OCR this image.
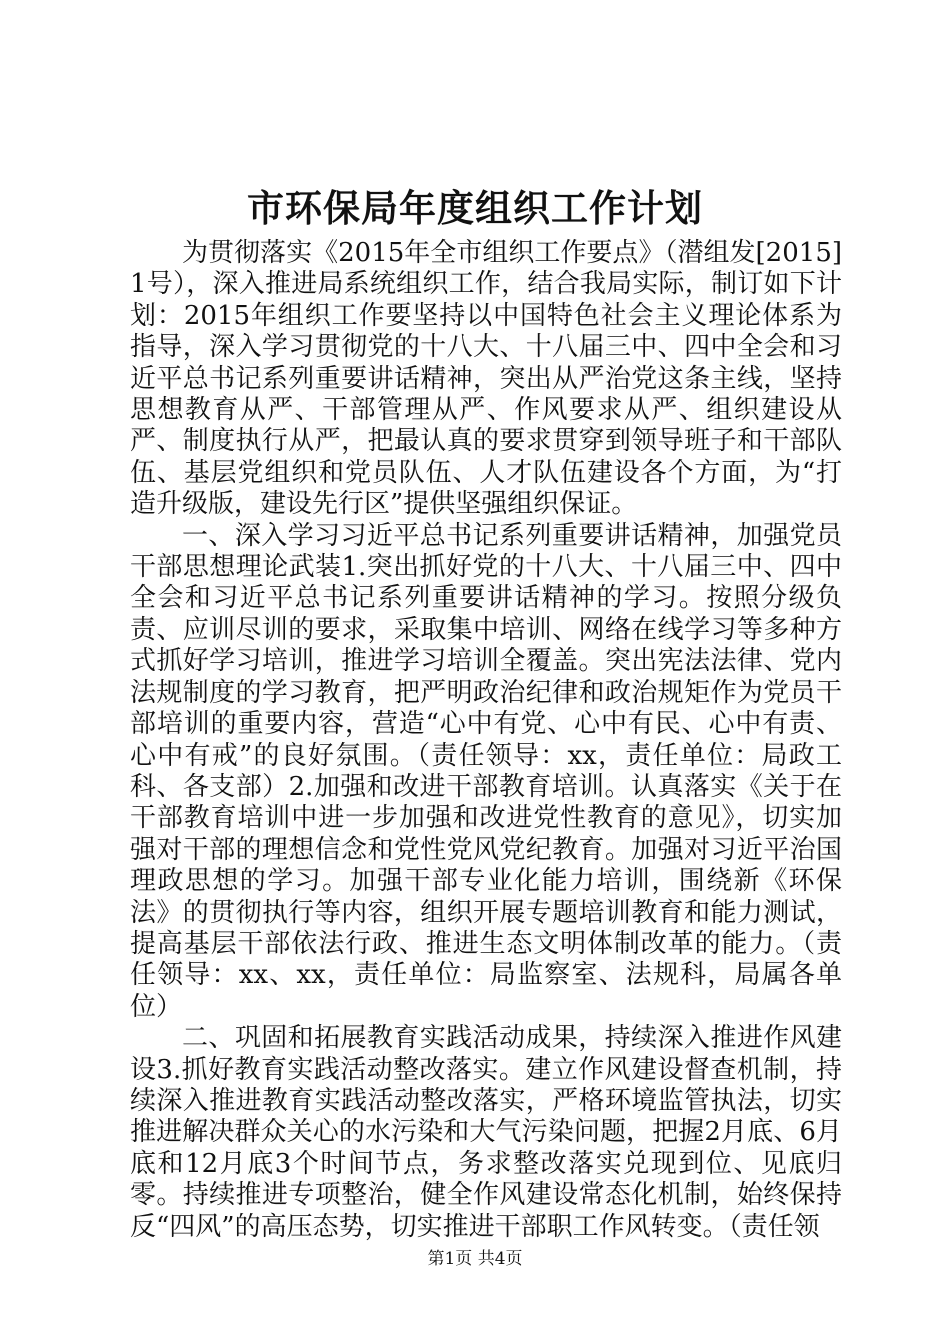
市环保局年度组织工作计划

为贯彻落实《2015年全市组织工作要点》（潜组发[2015]1号），深入推进局系统组织工作，结合我局实际，制订如下计划：2015年组织工作要坚持以中国特色社会主义理论体系为指导，深入学习贯彻党的十八大、十八届三中、四中全会和习近平总书记系列重要讲话精神，突出从严治党这条主线，坚持思想教育从严、干部管理从严、作风要求从严、组织建设从严、制度执行从严，把最认真的要求贯穿到领导班子和干部队伍、基层党组织和党员队伍、人才队伍建设各个方面，为“打造升级版，建设先行区”提供坚强组织保证。

一、深入学习习近平总书记系列重要讲话精神，加强党员干部思想理论武装1.突出抓好党的十八大、十八届三中、四中全会和习近平总书记系列重要讲话精神的学习。按照分级负责、应训尽训的要求，采取集中培训、网络在线学习等多种方式抓好学习培训，推进学习培训全覆盖。突出宪法法律、党内法规制度的学习教育，把严明政治纪律和政治规矩作为党员干部培训的重要内容，营造“心中有党、心中有民、心中有责、心中有戒”的良好氛围。（责任领导：xx，责任单位：局政工科、各支部）2.加强和改进干部教育培训。认真落实《关于在干部教育培训中进一步加强和改进党性教育的意见》，切实加强对干部的理想信念和党性党风党纪教育。加强对习近平治国理政思想的学习。加强干部专业化能力培训，围绕新《环保法》的贯彻执行等内容，组织开展专题培训教育和能力测试，提高基层干部依法行政、推进生态文明体制改革的能力。（责任领导：xx、xx，责任单位：局监察室、法规科，局属各单位）

二、巩固和拓展教育实践活动成果，持续深入推进作风建设3.抓好教育实践活动整改落实。建立作风建设督查机制，持续深入推进教育实践活动整改落实，严格环境监管执法，切实推进解决群众关心的水污染和大气污染问题，把握2月底、6月底和12月底3个时间节点，务求整改落实兑现到位、见底归零。持续推进专项整治，健全作风建设常态化机制，始终保持反“四风”的高压态势，切实推进干部职工作风转变。（责任领

第1页 共4页
